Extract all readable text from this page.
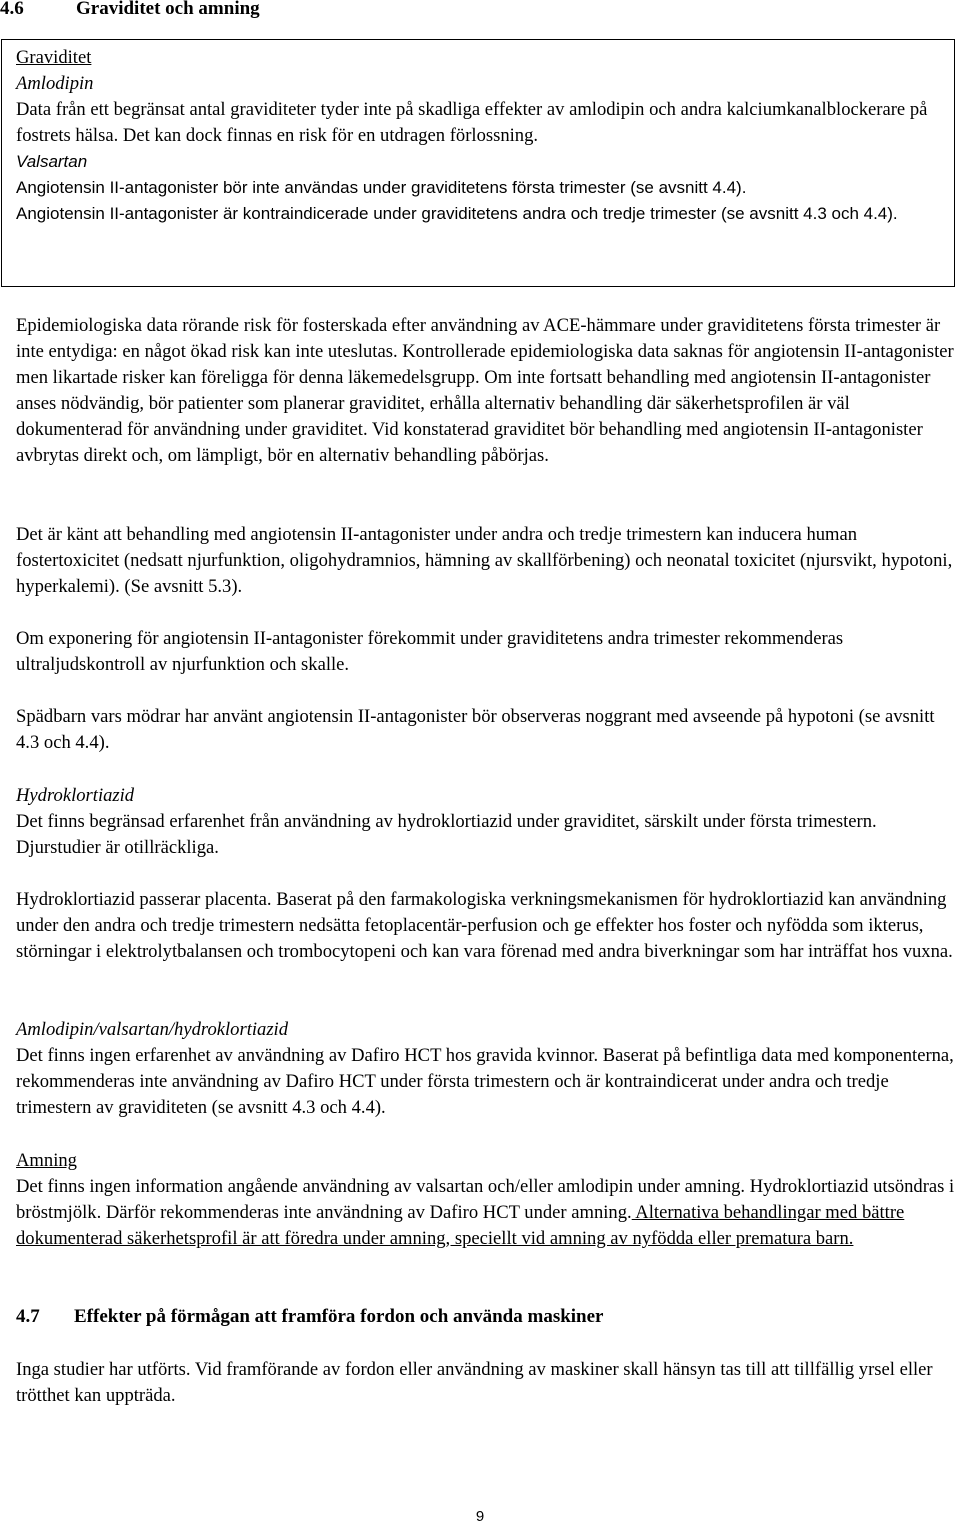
4.6	Graviditet och amning

Graviditet

Amlodipin

Data från ett begränsat antal graviditeter tyder inte på skadliga effekter av amlodipin och andra kalciumkanalblockerare på fostrets hälsa. Det kan dock finnas en risk för en utdragen förlossning.

Valsartan

Angiotensin II-antagonister bör inte användas under graviditetens första trimester (se avsnitt 4.4).

Angiotensin II-antagonister är kontraindicerade under graviditetens andra och tredje trimester (se avsnitt 4.3 och 4.4).

Epidemiologiska data rörande risk för fosterskada efter användning av ACE-hämmare under graviditetens första trimester är inte entydiga: en något ökad risk kan inte uteslutas. Kontrollerade epidemiologiska data saknas för angiotensin II-antagonister men likartade risker kan föreligga för denna läkemedelsgrupp. Om inte fortsatt behandling med angiotensin II-antagonister anses nödvändig, bör patienter som planerar graviditet, erhålla alternativ behandling där säkerhetsprofilen är väl dokumenterad för användning under graviditet. Vid konstaterad graviditet bör behandling med angiotensin II-antagonister avbrytas direkt och, om lämpligt, bör en alternativ behandling påbörjas.

Det är känt att behandling med angiotensin II-antagonister under andra och tredje trimestern kan inducera human fostertoxicitet (nedsatt njurfunktion, oligohydramnios, hämning av skallförbening) och neonatal toxicitet (njursvikt, hypotoni, hyperkalemi). (Se avsnitt 5.3).

Om exponering för angiotensin II-antagonister förekommit under graviditetens andra trimester rekommenderas ultraljudskontroll av njurfunktion och skalle.

Spädbarn vars mödrar har använt angiotensin II-antagonister bör observeras noggrant med avseende på hypotoni (se avsnitt 4.3 och 4.4).

Hydroklortiazid

Det finns begränsad erfarenhet från användning av hydroklortiazid under graviditet, särskilt under första trimestern. Djurstudier är otillräckliga.

Hydroklortiazid passerar placenta. Baserat på den farmakologiska verkningsmekanismen för hydroklortiazid kan användning under den andra och tredje trimestern nedsätta fetoplacentär-perfusion och ge effekter hos foster och nyfödda som ikterus, störningar i elektrolytbalansen och trombocytopeni och kan vara förenad med andra biverkningar som har inträffat hos vuxna.

Amlodipin/valsartan/hydroklortiazid

Det finns ingen erfarenhet av användning av Dafiro HCT hos gravida kvinnor. Baserat på befintliga data med komponenterna, rekommenderas inte användning av Dafiro HCT under första trimestern och är kontraindicerat under andra och tredje trimestern av graviditeten (se avsnitt 4.3 och 4.4).

Amning

Det finns ingen information angående användning av valsartan och/eller amlodipin under amning. Hydroklortiazid utsöndras i bröstmjölk. Därför rekommenderas inte användning av Dafiro HCT under amning. Alternativa behandlingar med bättre dokumenterad säkerhetsprofil är att föredra under amning, speciellt vid amning av nyfödda eller prematura barn.

4.7 Effekter på förmågan att framföra fordon och använda maskiner

Inga studier har utförts. Vid framförande av fordon eller användning av maskiner skall hänsyn tas till att tillfällig yrsel eller trötthet kan uppträda.

9
